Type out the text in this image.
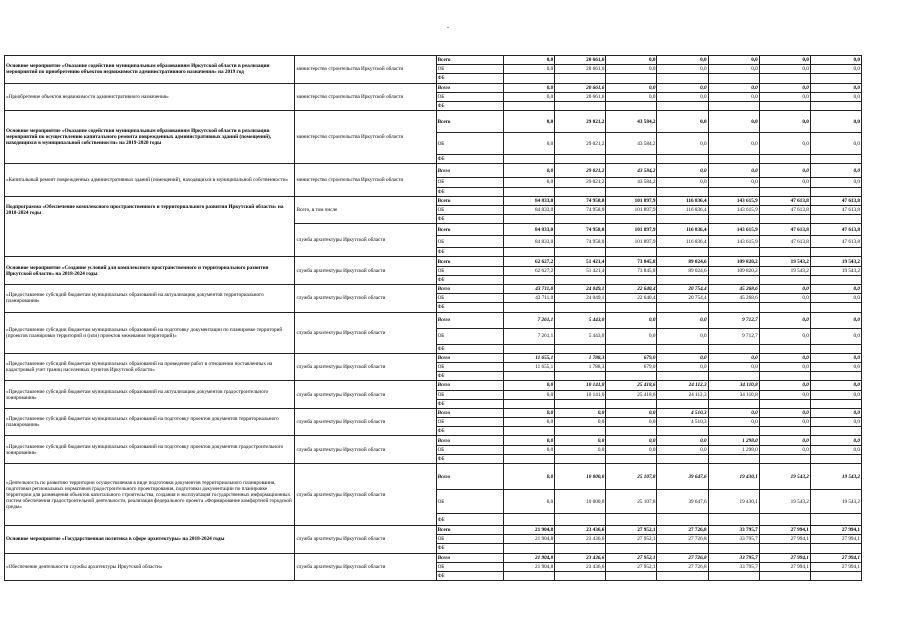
.
Основное мероприятие «Оказание содействия муниципальным образованиям Иркутской области в реализации мероприятий по приобретению объектов недвижимости административного назначения» на 2019 год	министерство строительства Иркутской области	Всего	0,0	20 661,6	0,0	0,0	0,0	0,0	0,0
		ОБ	0,0	20 661,6	0,0	0,0	0,0	0,0	0,0
		ФБ							
«Приобретение объектов недвижимости административного назначения»	министерство строительства Иркутской области	Всего	0,0	20 661,6	0,0	0,0	0,0	0,0	0,0
		ОБ	0,0	20 661,6	0,0	0,0	0,0	0,0	0,0
		ФБ							
Основное мероприятие «Оказание содействия муниципальным образованиям Иркутской области в реализации мероприятий по осуществлению капитального ремонта поврежденных административных зданий (помещений), находящихся в муниципальной собственности» на 2019-2020 годы	министерство строительства Иркутской области	Всего	0,0	29 021,2	43 584,2	0,0	0,0	0,0	0,0
		ОБ	0,0	29 021,2	43 584,2	0,0	0,0	0,0	0,0
		ФБ							
«Капитальный ремонт поврежденных административных зданий (помещений), находящихся в муниципальной собственности»	министерство строительства Иркутской области	Всего	0,0	29 021,2	43 584,2	0,0	0,0	0,0	0,0
		ОБ	0,0	29 021,2	43 584,2	0,0	0,0	0,0	0,0
		ФБ							
Подпрограмма «Обеспечение комплексного пространственного и территориального развития Иркутской области» на 2018-2024 годы	Всего, в том числе	Всего	84 833,0	74 958,0	101 897,9	116 836,4	143 615,9	47 613,8	47 613,8
		ОБ	84 833,0	74 958,0	101 897,9	116 836,4	143 615,9	47 613,8	47 613,8
		ФБ							
	служба архитектуры Иркутской области	Всего	84 833,0	74 958,0	101 897,9	116 836,4	143 615,9	47 613,8	47 613,8
		ОБ	84 833,0	74 958,0	101 897,9	116 836,4	143 615,9	47 613,8	47 613,8
		ФБ							
Основное мероприятие «Создание условий для комплексного пространственного и территориального развития Иркутской области» на 2018-2024 годы	служба архитектуры Иркутской области	Всего	62 627,2	51 421,4	73 845,8	89 024,6	109 820,2	19 543,2	19 543,2
		ОБ	62 627,2	51 421,4	73 845,8	89 024,6	109 820,2	19 543,2	19 543,2
		ФБ							
«Предоставление субсидий бюджетам муниципальных образований на актуализацию документов территориального планирования»	служба архитектуры Иркутской области	Всего	43 711,0	24 049,1	22 640,4	20 754,4	45 268,6	0,0	0,0
		ОБ	43 711,0	24 049,1	22 640,4	20 754,4	45 268,6	0,0	0,0
		ФБ							
«Предоставление субсидии бюджетам муниципальных образований на подготовку документации по планировке территорий (проектов планировки территорий и (или) проектов межевания территорий)»	служба архитектуры Иркутской области	Всего	7 261,1	5 443,0	0,0	0,0	9 712,7	0,0	0,0
		ОБ	7 261,1	5 443,0	0,0	0,0	9 712,7	0,0	0,0
		ФБ							
«Предоставление субсидий бюджетам муниципальных образований на проведение работ в отношении поставленных на кадастровый учет границ населенных пунктов Иркутской области»	служба архитектуры Иркутской области	Всего	11 655,1	1 788,3	679,0	0,0	0,0	0,0	0,0
		ОБ	11 655,1	1 788,3	679,0	0,0	0,0	0,0	0,0
		ФБ							
«Предоставление субсидий бюджетам муниципальных образований на актуализацию документов градостроительного зонирования»	служба архитектуры Иркутской области	Всего	0,0	10 141,0	25 418,6	24 112,3	34 110,8	0,0	0,0
		ОБ	0,0	10 141,0	25 418,6	24 112,3	34 110,8	0,0	0,0
		ФБ							
«Предоставление субсидий бюджетам муниципальных образований на подготовку проектов документов территориального планирования»	служба архитектуры Иркутской области	Всего	0,0	0,0	0,0	4 510,3	0,0	0,0	0,0
		ОБ	0,0	0,0	0,0	4 510,3	0,0	0,0	0,0
		ФБ							
«Предоставление субсидий бюджетам муниципальных образований на подготовку проектов документов градостроительного зонирования»	служба архитектуры Иркутской области	Всего	0,0	0,0	0,0	0,0	1 298,0	0,0	0,0
		ОБ	0,0	0,0	0,0	0,0	1 298,0	0,0	0,0
		ФБ							
«Деятельность по развитию территории осуществляемая в виде подготовки документов территориального планирования, подготовки региональных нормативов градостроительного проектирования, подготовки документации по планировке территории для размещения объектов капитального строительства, создания и эксплуатация государственных информационных систем обеспечения градостроительной деятельности, реализация федерального проекта «Формирование комфортной городской среды»	служба архитектуры Иркутской области	Всего	0,0	10 000,0	25 107,8	39 647,6	19 430,1	19 543,2	19 543,2
		ОБ	0,0	10 000,0	25 107,8	39 647,6	19 430,1	19 543,2	19 543,2
		ФБ							
Основное мероприятие «Государственная политика в сфере архитектуры» на 2018-2024 годы	служба архитектуры Иркутской области	Всего	21 904,8	23 436,6	27 952,1	27 726,8	33 795,7	27 994,1	27 994,1
		ОБ	21 904,8	23 436,6	27 952,1	27 726,8	33 795,7	27 994,1	27 994,1
		ФБ							
«Обеспечение деятельности службы архитектуры Иркутской области»	служба архитектуры Иркутской области	Всего	21 904,8	23 436,6	27 952,1	27 726,8	33 795,7	27 994,1	27 994,1
		ОБ	21 904,8	23 436,6	27 952,1	27 726,8	33 795,7	27 994,1	27 994,1
		ФБ							
